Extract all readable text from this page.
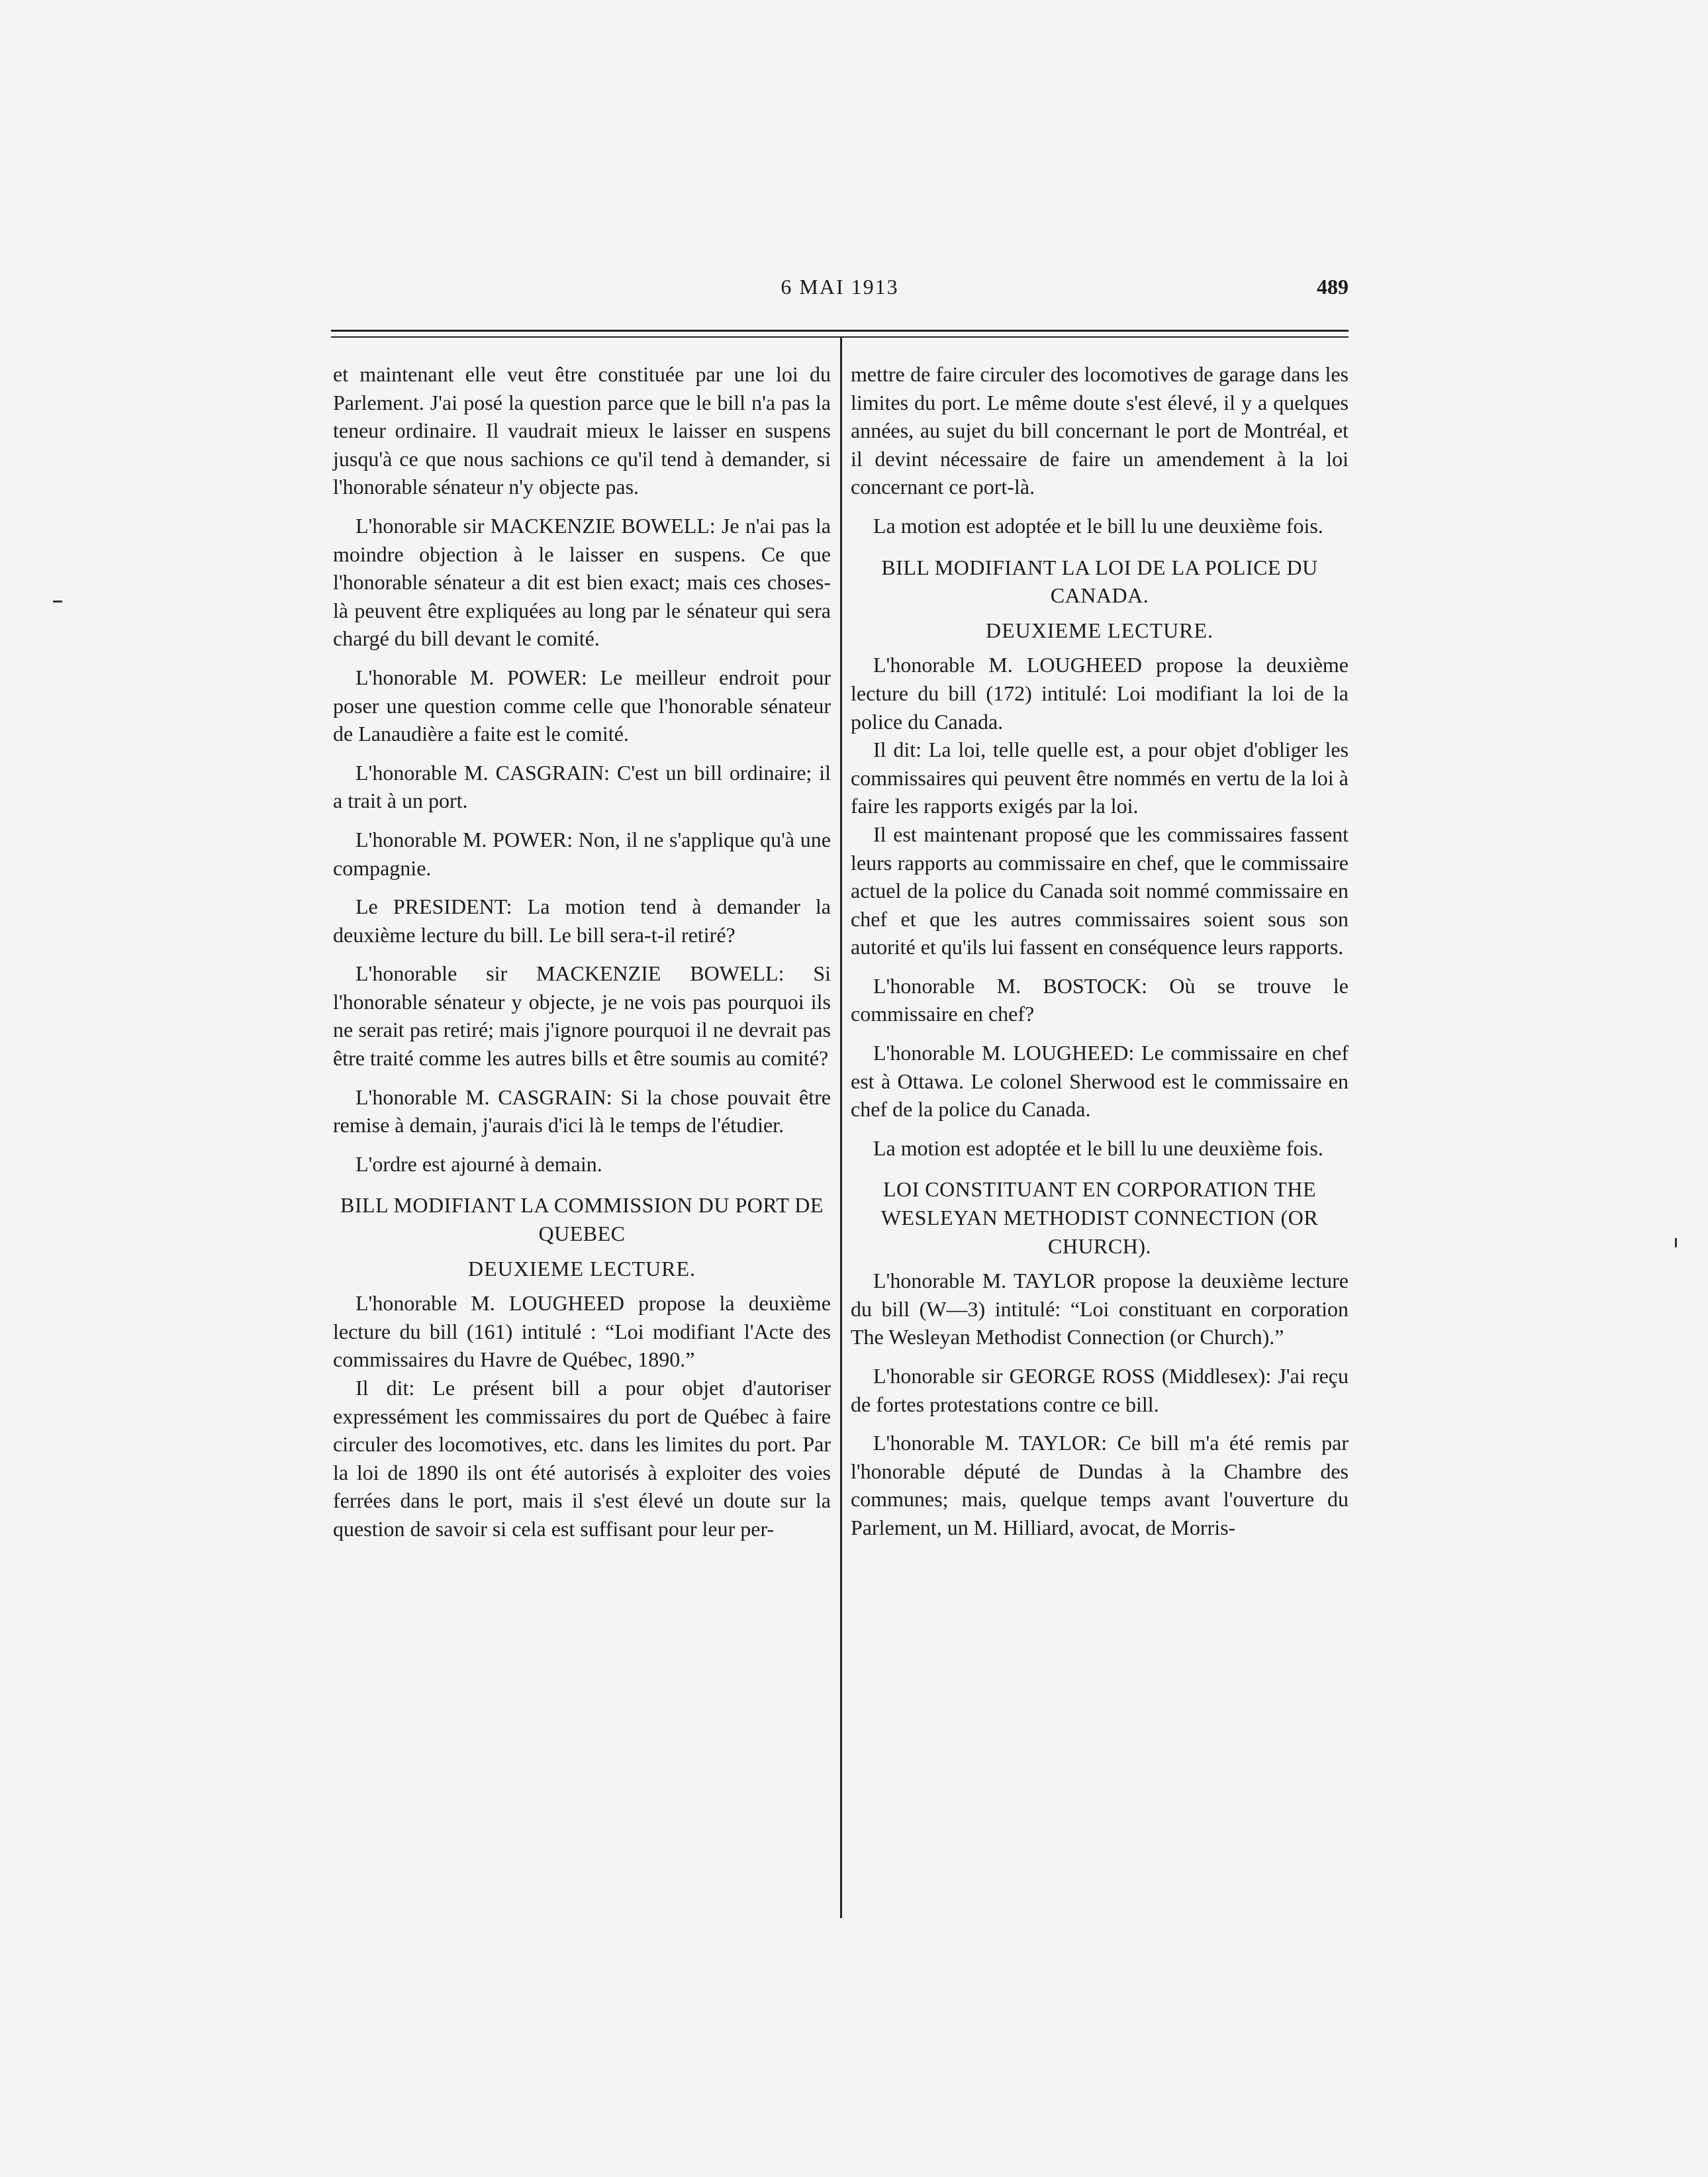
6 MAI 1913	489

et maintenant elle veut être constituée par une loi du Parlement. J'ai posé la question parce que le bill n'a pas la teneur ordinaire. Il vaudrait mieux le laisser en suspens jusqu'à ce que nous sachions ce qu'il tend à demander, si l'honorable sénateur n'y objecte pas.

L'honorable sir MACKENZIE BOWELL: Je n'ai pas la moindre objection à le laisser en suspens. Ce que l'honorable sénateur a dit est bien exact; mais ces choses-là peuvent être expliquées au long par le sénateur qui sera chargé du bill devant le comité.

L'honorable M. POWER: Le meilleur endroit pour poser une question comme celle que l'honorable sénateur de Lanaudière a faite est le comité.

L'honorable M. CASGRAIN: C'est un bill ordinaire; il a trait à un port.

L'honorable M. POWER: Non, il ne s'applique qu'à une compagnie.

Le PRESIDENT: La motion tend à demander la deuxième lecture du bill. Le bill sera-t-il retiré?

L'honorable sir MACKENZIE BOWELL: Si l'honorable sénateur y objecte, je ne vois pas pourquoi ils ne serait pas retiré; mais j'ignore pourquoi il ne devrait pas être traité comme les autres bills et être soumis au comité?

L'honorable M. CASGRAIN: Si la chose pouvait être remise à demain, j'aurais d'ici là le temps de l'étudier.

L'ordre est ajourné à demain.

BILL MODIFIANT LA COMMISSION DU PORT DE QUEBEC
DEUXIEME LECTURE.

L'honorable M. LOUGHEED propose la deuxième lecture du bill (161) intitulé : “Loi modifiant l'Acte des commissaires du Havre de Québec, 1890.”

Il dit: Le présent bill a pour objet d'autoriser expressément les commissaires du port de Québec à faire circuler des locomotives, etc. dans les limites du port. Par la loi de 1890 ils ont été autorisés à exploiter des voies ferrées dans le port, mais il s'est élevé un doute sur la question de savoir si cela est suffisant pour leur per-

mettre de faire circuler des locomotives de garage dans les limites du port. Le même doute s'est élevé, il y a quelques années, au sujet du bill concernant le port de Montréal, et il devint nécessaire de faire un amendement à la loi concernant ce port-là.

La motion est adoptée et le bill lu une deuxième fois.

BILL MODIFIANT LA LOI DE LA POLICE DU CANADA.
DEUXIEME LECTURE.

L'honorable M. LOUGHEED propose la deuxième lecture du bill (172) intitulé: Loi modifiant la loi de la police du Canada.

Il dit: La loi, telle quelle est, a pour objet d'obliger les commissaires qui peuvent être nommés en vertu de la loi à faire les rapports exigés par la loi.

Il est maintenant proposé que les commissaires fassent leurs rapports au commissaire en chef, que le commissaire actuel de la police du Canada soit nommé commissaire en chef et que les autres commissaires soient sous son autorité et qu'ils lui fassent en conséquence leurs rapports.

L'honorable M. BOSTOCK: Où se trouve le commissaire en chef?

L'honorable M. LOUGHEED: Le commissaire en chef est à Ottawa. Le colonel Sherwood est le commissaire en chef de la police du Canada.

La motion est adoptée et le bill lu une deuxième fois.

LOI CONSTITUANT EN CORPORATION THE WESLEYAN METHODIST CONNECTION (OR CHURCH).

L'honorable M. TAYLOR propose la deuxième lecture du bill (W—3) intitulé: “Loi constituant en corporation The Wesleyan Methodist Connection (or Church).”

L'honorable sir GEORGE ROSS (Middlesex): J'ai reçu de fortes protestations contre ce bill.

L'honorable M. TAYLOR: Ce bill m'a été remis par l'honorable député de Dundas à la Chambre des communes; mais, quelque temps avant l'ouverture du Parlement, un M. Hilliard, avocat, de Morris-
